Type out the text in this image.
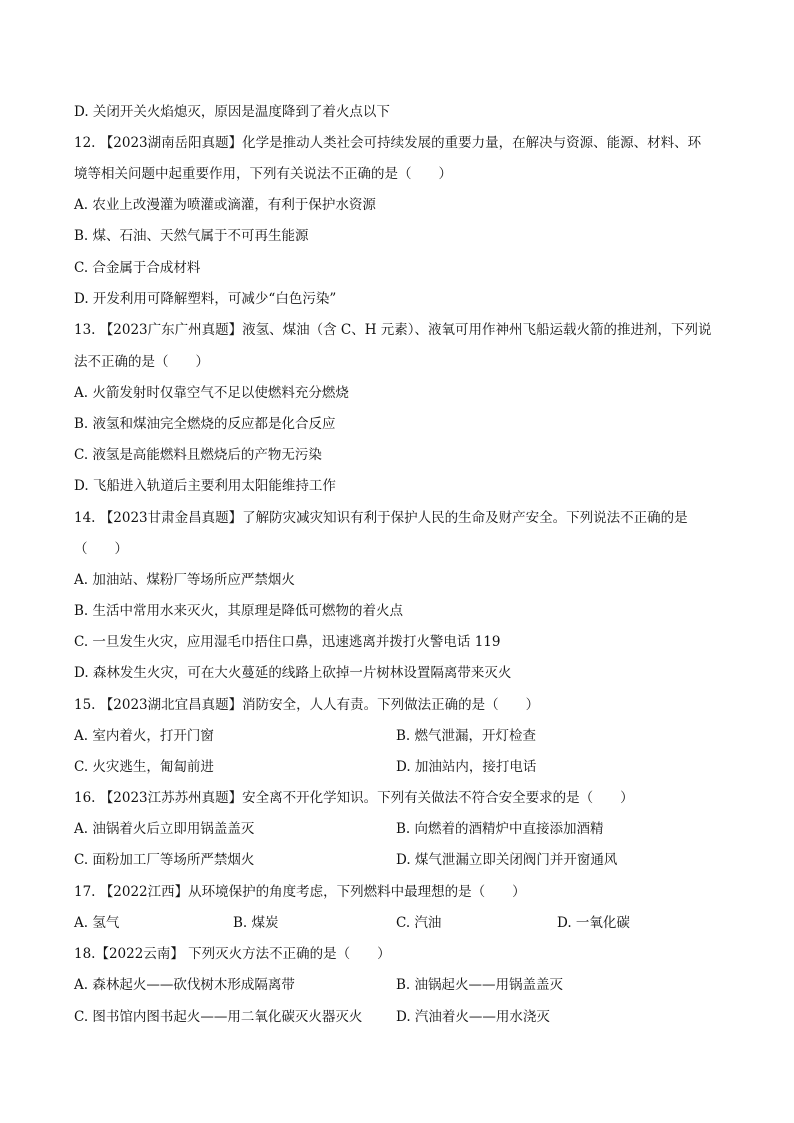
D. 关闭开关火焰熄灭，原因是温度降到了着火点以下
12. 【2023湖南岳阳真题】化学是推动人类社会可持续发展的重要力量，在解决与资源、能源、材料、环
境等相关问题中起重要作用，下列有关说法不正确的是（　　）
A. 农业上改漫灌为喷灌或滴灌，有利于保护水资源
B. 煤、石油、天然气属于不可再生能源
C. 合金属于合成材料
D. 开发利用可降解塑料，可减少“白色污染”
13. 【2023广东广州真题】液氢、煤油（含 C、H 元素）、液氧可用作神州飞船运载火箭的推进剂，下列说
法不正确的是（　　）
A. 火箭发射时仅靠空气不足以使燃料充分燃烧
B. 液氢和煤油完全燃烧的反应都是化合反应
C. 液氢是高能燃料且燃烧后的产物无污染
D. 飞船进入轨道后主要利用太阳能维持工作
14. 【2023甘肃金昌真题】了解防灾减灾知识有利于保护人民的生命及财产安全。下列说法不正确的是
（　　）
A. 加油站、煤粉厂等场所应严禁烟火
B. 生活中常用水来灭火，其原理是降低可燃物的着火点
C. 一旦发生火灾，应用湿毛巾捂住口鼻，迅速逃离并拨打火警电话 119
D. 森林发生火灾，可在大火蔓延的线路上砍掉一片树林设置隔离带来灭火
15. 【2023湖北宜昌真题】消防安全，人人有责。下列做法正确的是（　　）
A. 室内着火，打开门窗	B. 燃气泄漏，开灯检查
C. 火灾逃生，匍匐前进	D. 加油站内，接打电话
16. 【2023江苏苏州真题】安全离不开化学知识。下列有关做法不符合安全要求的是（　　）
A. 油锅着火后立即用锅盖盖灭	B. 向燃着的酒精炉中直接添加酒精
C. 面粉加工厂等场所严禁烟火	D. 煤气泄漏立即关闭阀门并开窗通风
17. 【2022江西】从环境保护的角度考虑，下列燃料中最理想的是（　　）
A. 氢气	B. 煤炭	C. 汽油	D. 一氧化碳
18.【2022云南】 下列灭火方法不正确的是（　　）
A. 森林起火——砍伐树木形成隔离带	B. 油锅起火——用锅盖盖灭
C. 图书馆内图书起火——用二氧化碳灭火器灭火 D. 汽油着火——用水浇灭
